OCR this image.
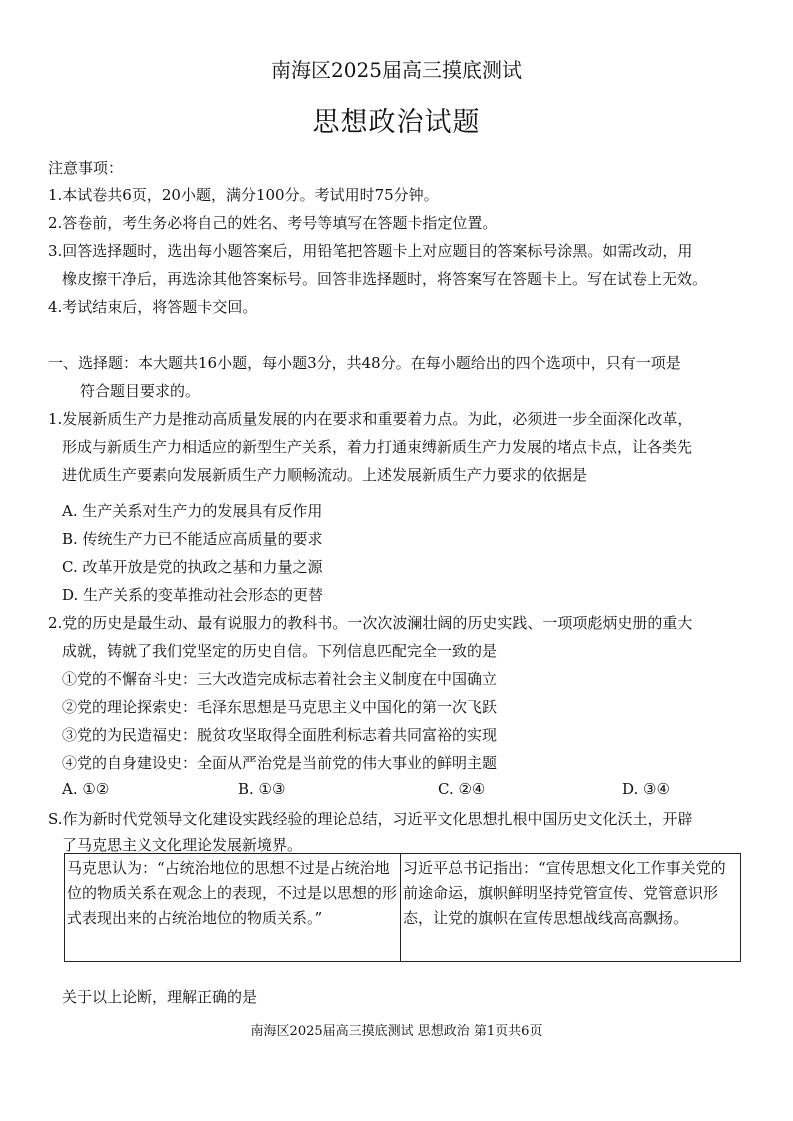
南海区2025届高三摸底测试
思想政治试题
注意事项：
1.本试卷共6页，20小题，满分100分。考试用时75分钟。
2.答卷前，考生务必将自己的姓名、考号等填写在答题卡指定位置。
3.回答选择题时，选出每小题答案后，用铅笔把答题卡上对应题目的答案标号涂黑。如需改动，用
橡皮擦干净后，再选涂其他答案标号。回答非选择题时，将答案写在答题卡上。写在试卷上无效。
4.考试结束后，将答题卡交回。
一、选择题：本大题共16小题，每小题3分，共48分。在每小题给出的四个选项中，只有一项是
符合题目要求的。
1.发展新质生产力是推动高质量发展的内在要求和重要着力点。为此，必须进一步全面深化改革，
形成与新质生产力相适应的新型生产关系，着力打通束缚新质生产力发展的堵点卡点，让各类先
进优质生产要素向发展新质生产力顺畅流动。上述发展新质生产力要求的依据是
A. 生产关系对生产力的发展具有反作用
B. 传统生产力已不能适应高质量的要求
C. 改革开放是党的执政之基和力量之源
D. 生产关系的变革推动社会形态的更替
2.党的历史是最生动、最有说服力的教科书。一次次波澜壮阔的历史实践、一项项彪炳史册的重大
成就，铸就了我们党坚定的历史自信。下列信息匹配完全一致的是
①党的不懈奋斗史：三大改造完成标志着社会主义制度在中国确立
②党的理论探索史：毛泽东思想是马克思主义中国化的第一次飞跃
③党的为民造福史：脱贫攻坚取得全面胜利标志着共同富裕的实现
④党的自身建设史：全面从严治党是当前党的伟大事业的鲜明主题
A. ①②	B. ①③	C. ②④	D. ③④
S.作为新时代党领导文化建设实践经验的理论总结，习近平文化思想扎根中国历史文化沃土，开辟
了马克思主义文化理论发展新境界。
马克思认为：“占统治地位的思想不过是占统治地位的物质关系在观念上的表现，不过是以思想的形式表现出来的占统治地位的物质关系。”
习近平总书记指出：“宣传思想文化工作事关党的前途命运，旗帜鲜明坚持党管宣传、党管意识形态，让党的旗帜在宣传思想战线高高飘扬。
关于以上论断，理解正确的是
南海区2025届高三摸底测试 思想政治 第1页共6页
